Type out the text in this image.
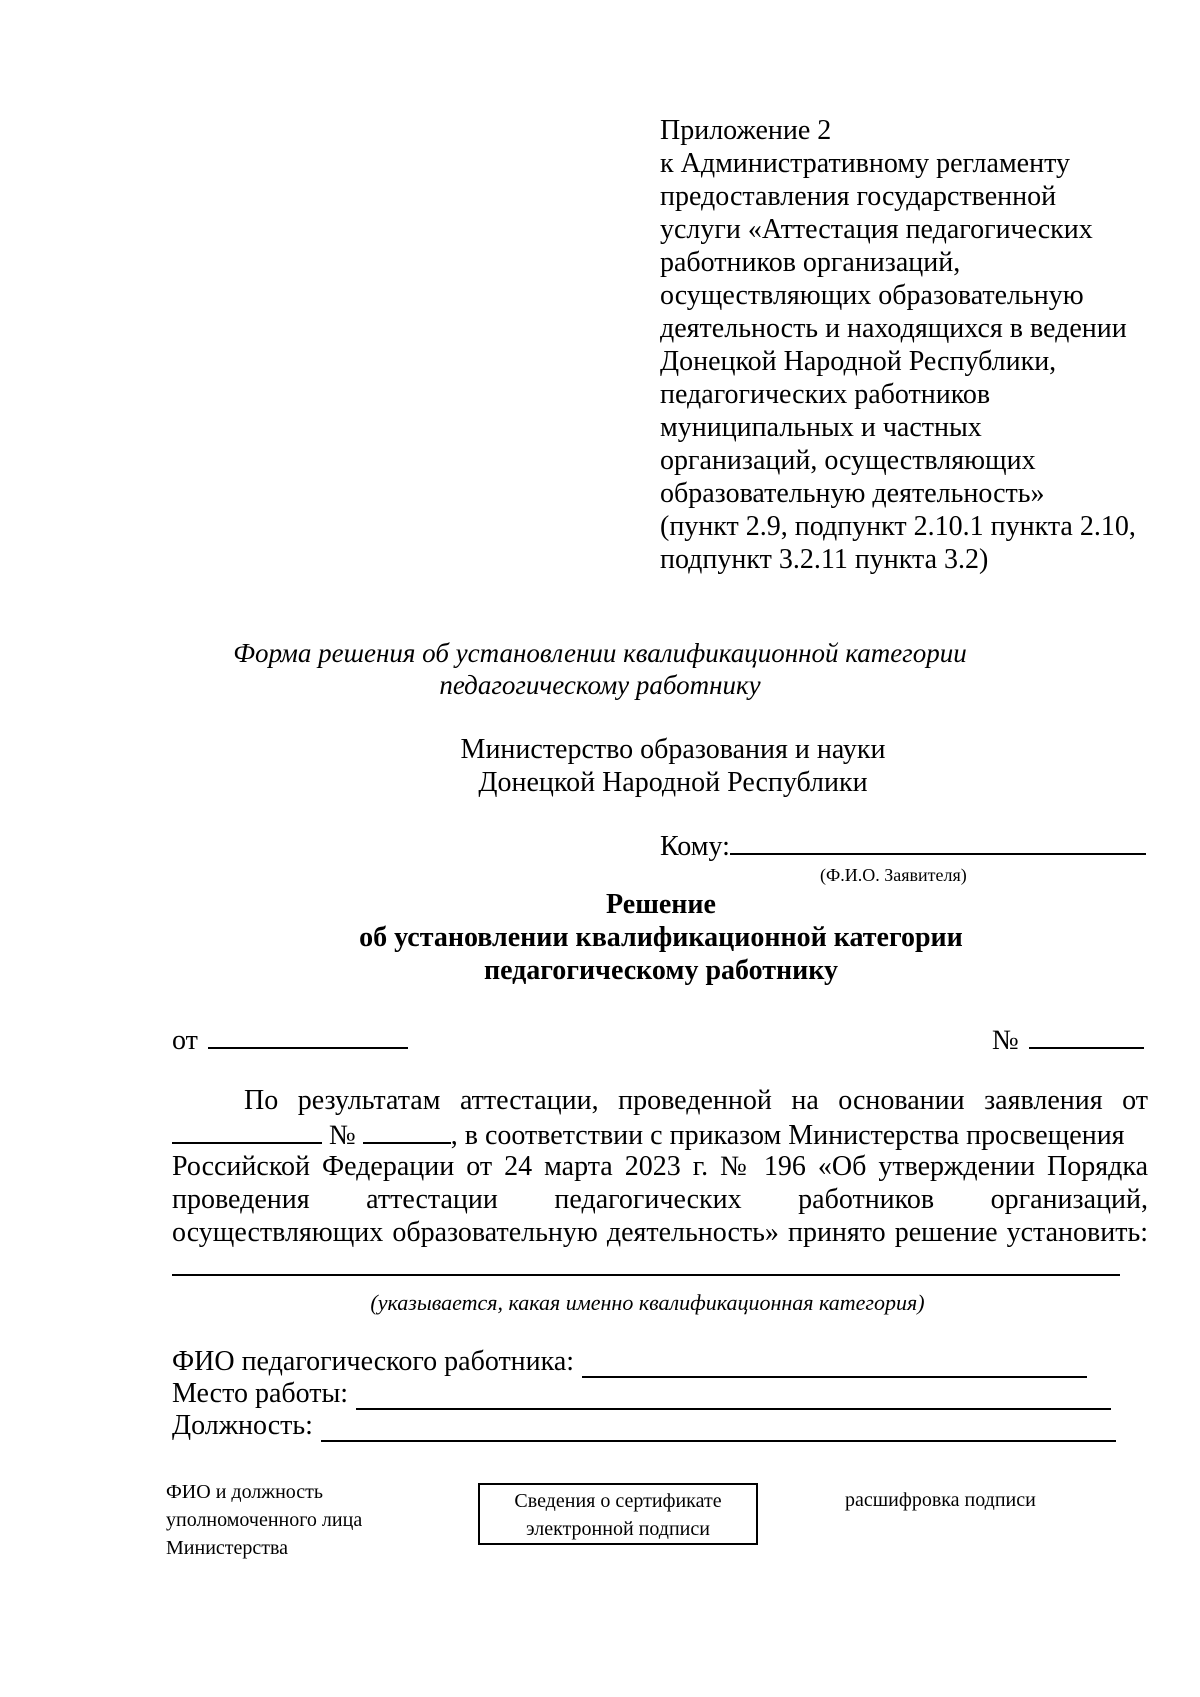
Приложение 2
к Административному регламенту
предоставления государственной
услуги «Аттестация педагогических
работников организаций,
осуществляющих образовательную
деятельность и находящихся в ведении
Донецкой Народной Республики,
педагогических работников
муниципальных и частных
организаций, осуществляющих
образовательную деятельность»
(пункт 2.9, подпункт 2.10.1 пункта 2.10,
подпункт 3.2.11 пункта 3.2)
Форма решения об установлении квалификационной категории
педагогическому работнику
Министерство образования и науки
Донецкой Народной Республики
Кому:
(Ф.И.О. Заявителя)
Решение
об установлении квалификационной категории
педагогическому работнику
от	№
По результатам аттестации, проведенной на основании заявления от
№	, в соответствии с приказом Министерства просвещения
Российской Федерации от 24 марта 2023 г. № 196 «Об утверждении Порядка
проведения аттестации педагогических работников организаций,
осуществляющих образовательную деятельность» принято решение установить:
(указывается, какая именно квалификационная категория)
ФИО педагогического работника:
Место работы:
Должность:
ФИО и должность
уполномоченного лица
Министерства
Сведения о сертификате
электронной подписи
расшифровка подписи
